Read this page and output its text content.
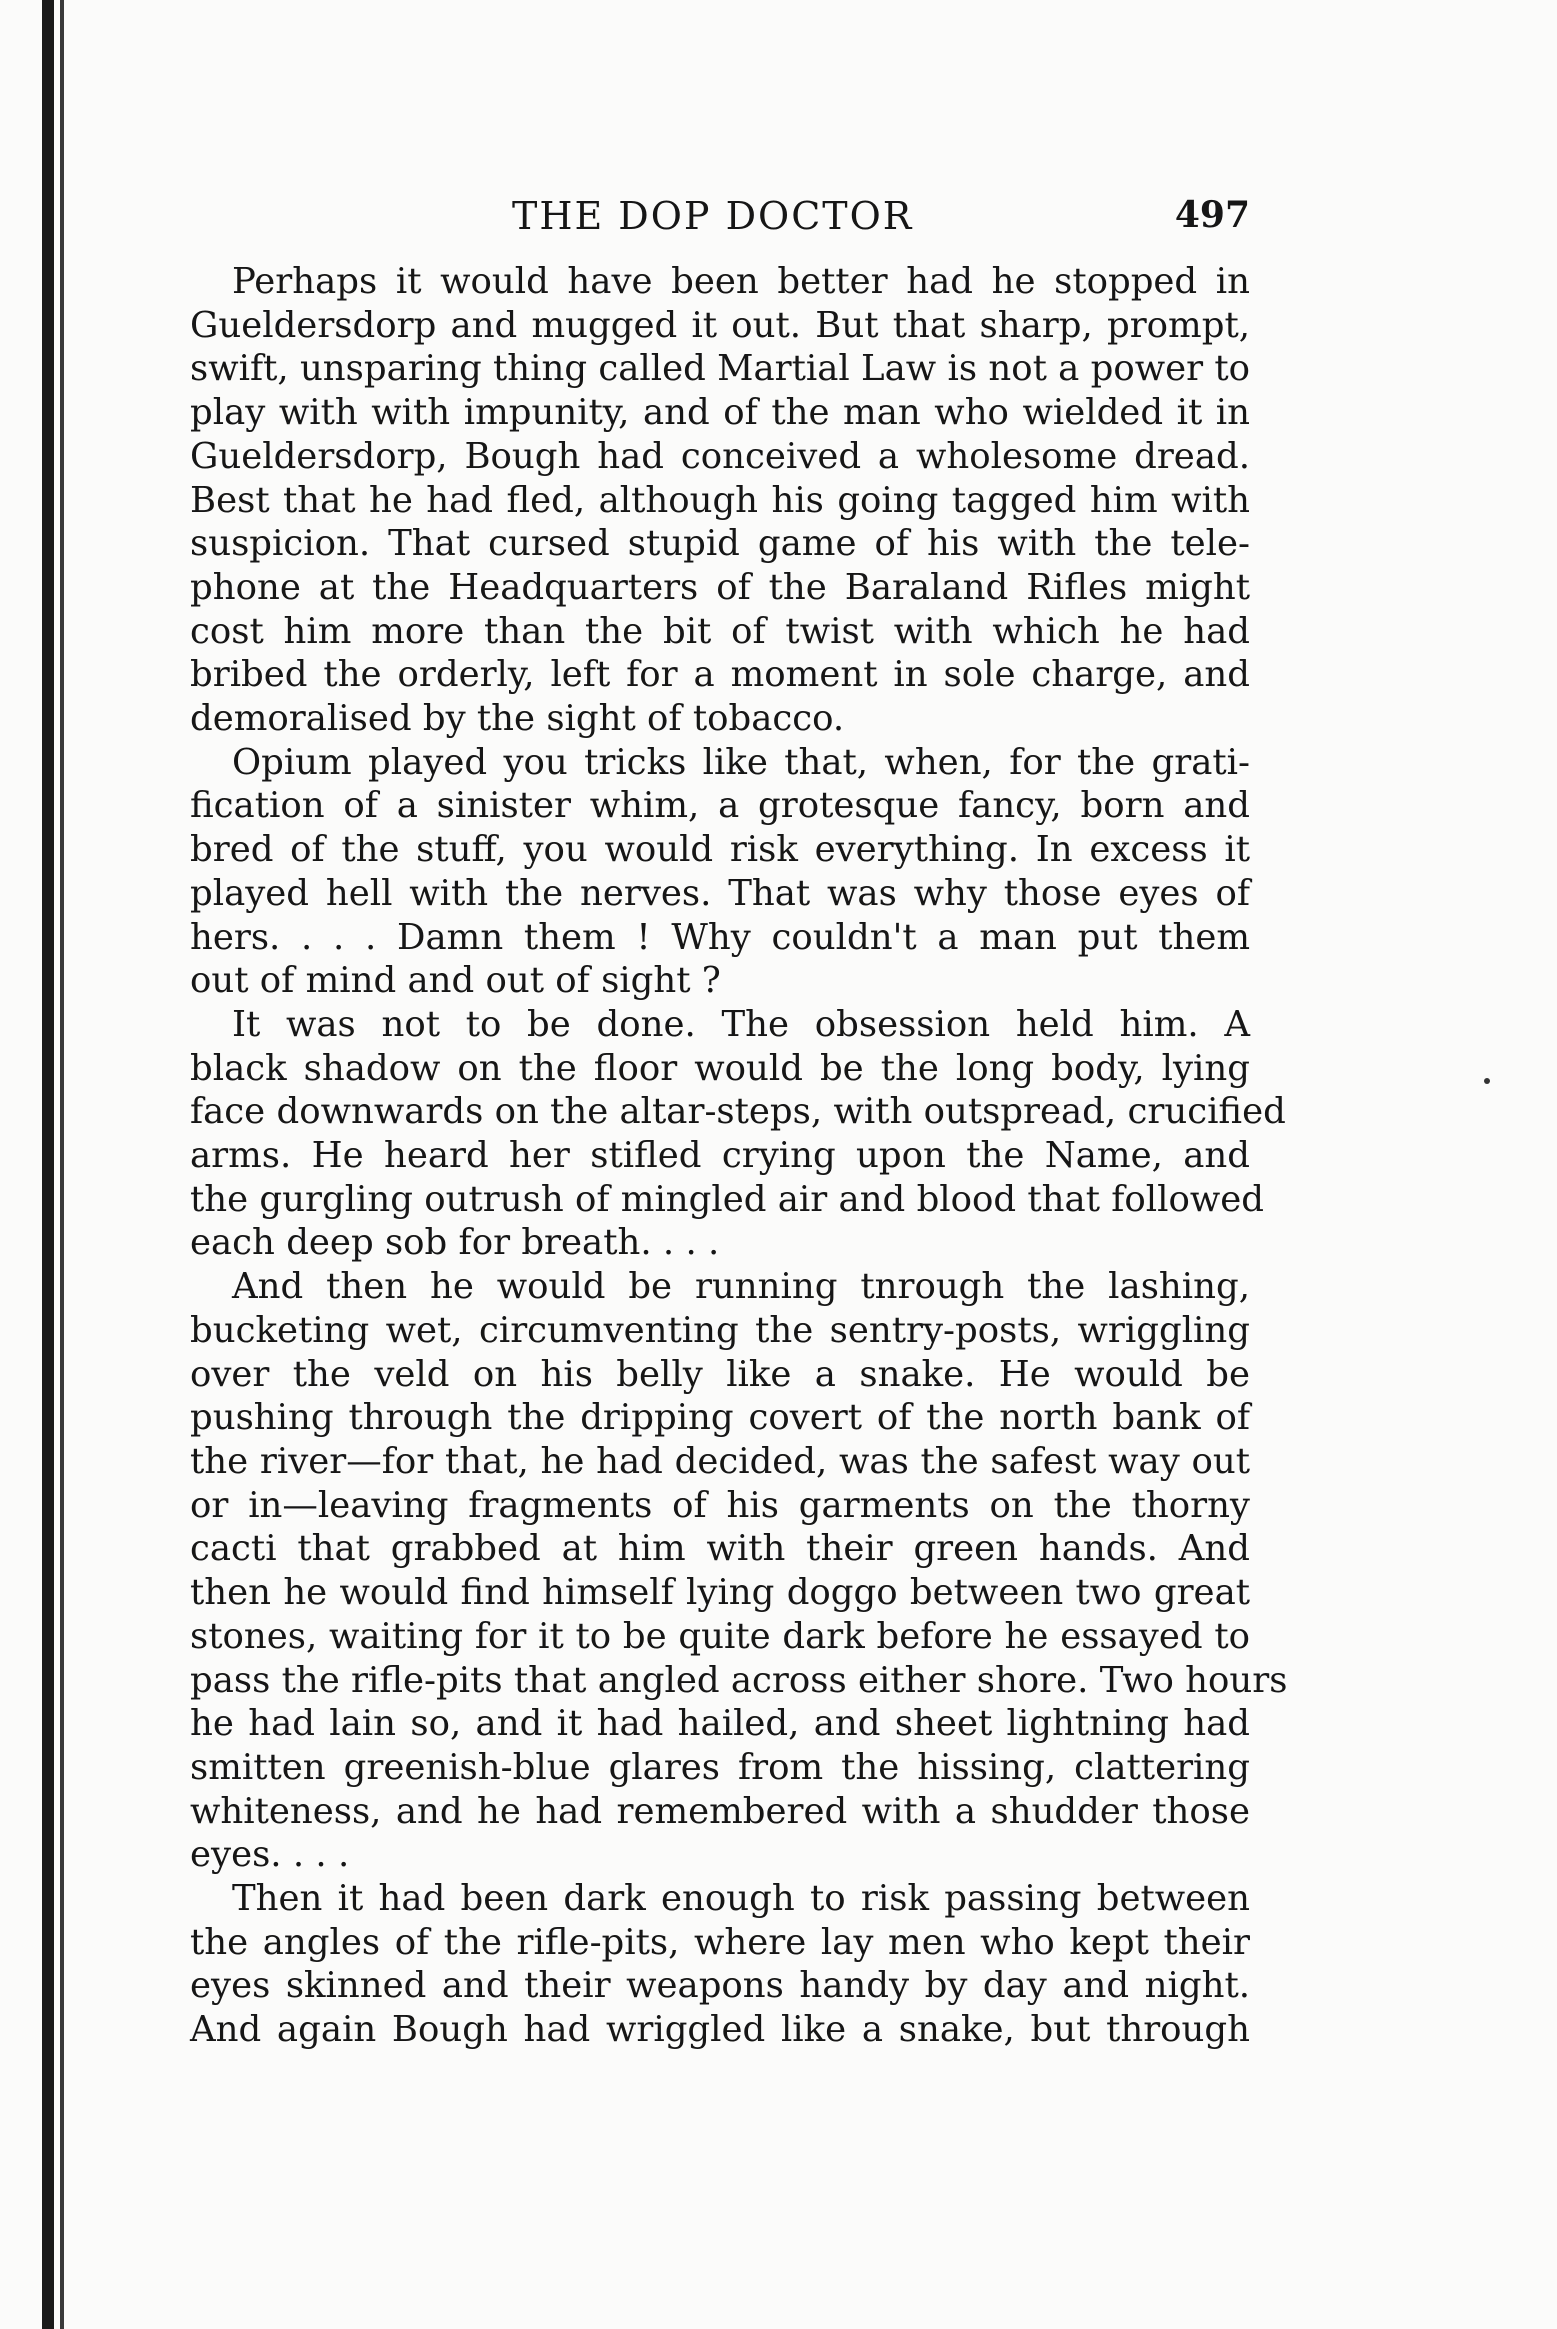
THE DOP DOCTOR	497

Perhaps it would have been better had he stopped in
Gueldersdorp and mugged it out. But that sharp, prompt,
swift, unsparing thing called Martial Law is not a power to
play with with impunity, and of the man who wielded it in
Gueldersdorp, Bough had conceived a wholesome dread.
Best that he had fled, although his going tagged him with
suspicion. That cursed stupid game of his with the tele-
phone at the Headquarters of the Baraland Rifles might
cost him more than the bit of twist with which he had
bribed the orderly, left for a moment in sole charge, and
demoralised by the sight of tobacco.

Opium played you tricks like that, when, for the grati-
fication of a sinister whim, a grotesque fancy, born and
bred of the stuff, you would risk everything. In excess it
played hell with the nerves. That was why those eyes of
hers. . . . Damn them ! Why couldn't a man put them
out of mind and out of sight ?

It was not to be done. The obsession held him. A
black shadow on the floor would be the long body, lying
face downwards on the altar-steps, with outspread, crucified
arms. He heard her stifled crying upon the Name, and
the gurgling outrush of mingled air and blood that followed
each deep sob for breath. . . .

And then he would be running tnrough the lashing,
bucketing wet, circumventing the sentry-posts, wriggling
over the veld on his belly like a snake. He would be
pushing through the dripping covert of the north bank of
the river—for that, he had decided, was the safest way out
or in—leaving fragments of his garments on the thorny
cacti that grabbed at him with their green hands. And
then he would find himself lying doggo between two great
stones, waiting for it to be quite dark before he essayed to
pass the rifle-pits that angled across either shore. Two hours
he had lain so, and it had hailed, and sheet lightning had
smitten greenish-blue glares from the hissing, clattering
whiteness, and he had remembered with a shudder those
eyes. . . .

Then it had been dark enough to risk passing between
the angles of the rifle-pits, where lay men who kept their
eyes skinned and their weapons handy by day and night.
And again Bough had wriggled like a snake, but through
